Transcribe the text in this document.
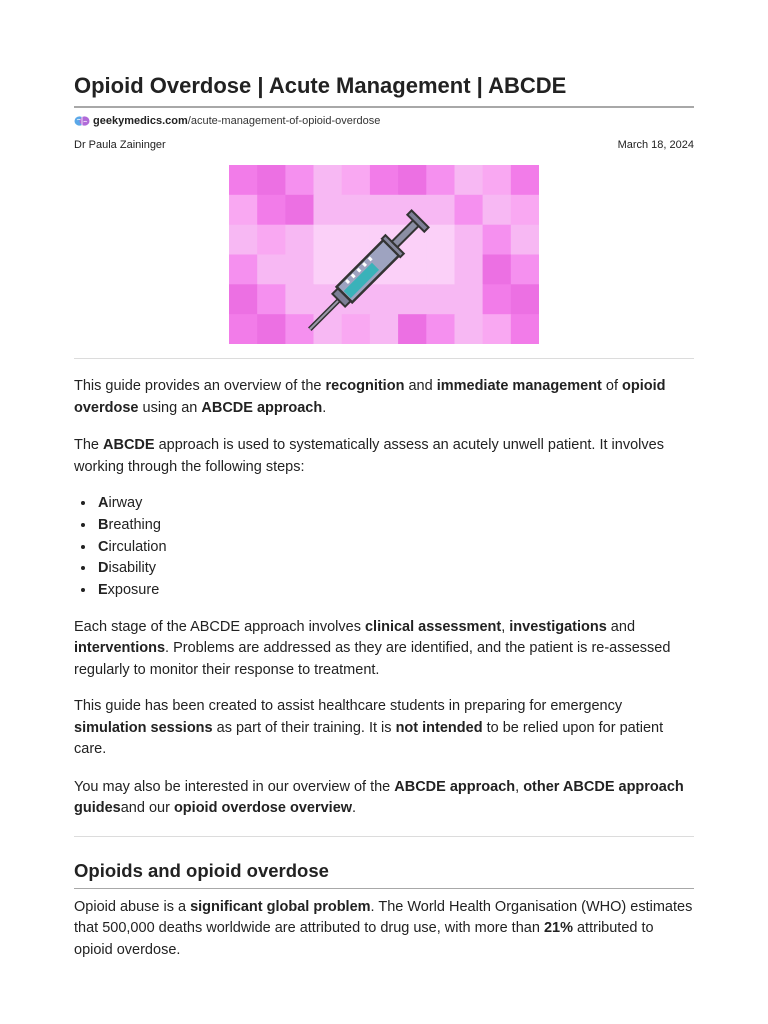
Opioid Overdose | Acute Management | ABCDE
geekymedics.com/acute-management-of-opioid-overdose
Dr Paula Zaininger	March 18, 2024

This guide provides an overview of the recognition and immediate management of opioid overdose using an ABCDE approach.

The ABCDE approach is used to systematically assess an acutely unwell patient. It involves working through the following steps:

• Airway
• Breathing
• Circulation
• Disability
• Exposure

Each stage of the ABCDE approach involves clinical assessment, investigations and interventions. Problems are addressed as they are identified, and the patient is re-assessed regularly to monitor their response to treatment.

This guide has been created to assist healthcare students in preparing for emergency simulation sessions as part of their training. It is not intended to be relied upon for patient care.

You may also be interested in our overview of the ABCDE approach, other ABCDE approach guidesand our opioid overdose overview.

Opioids and opioid overdose

Opioid abuse is a significant global problem. The World Health Organisation (WHO) estimates that 500,000 deaths worldwide are attributed to drug use, with more than 21% attributed to opioid overdose.
